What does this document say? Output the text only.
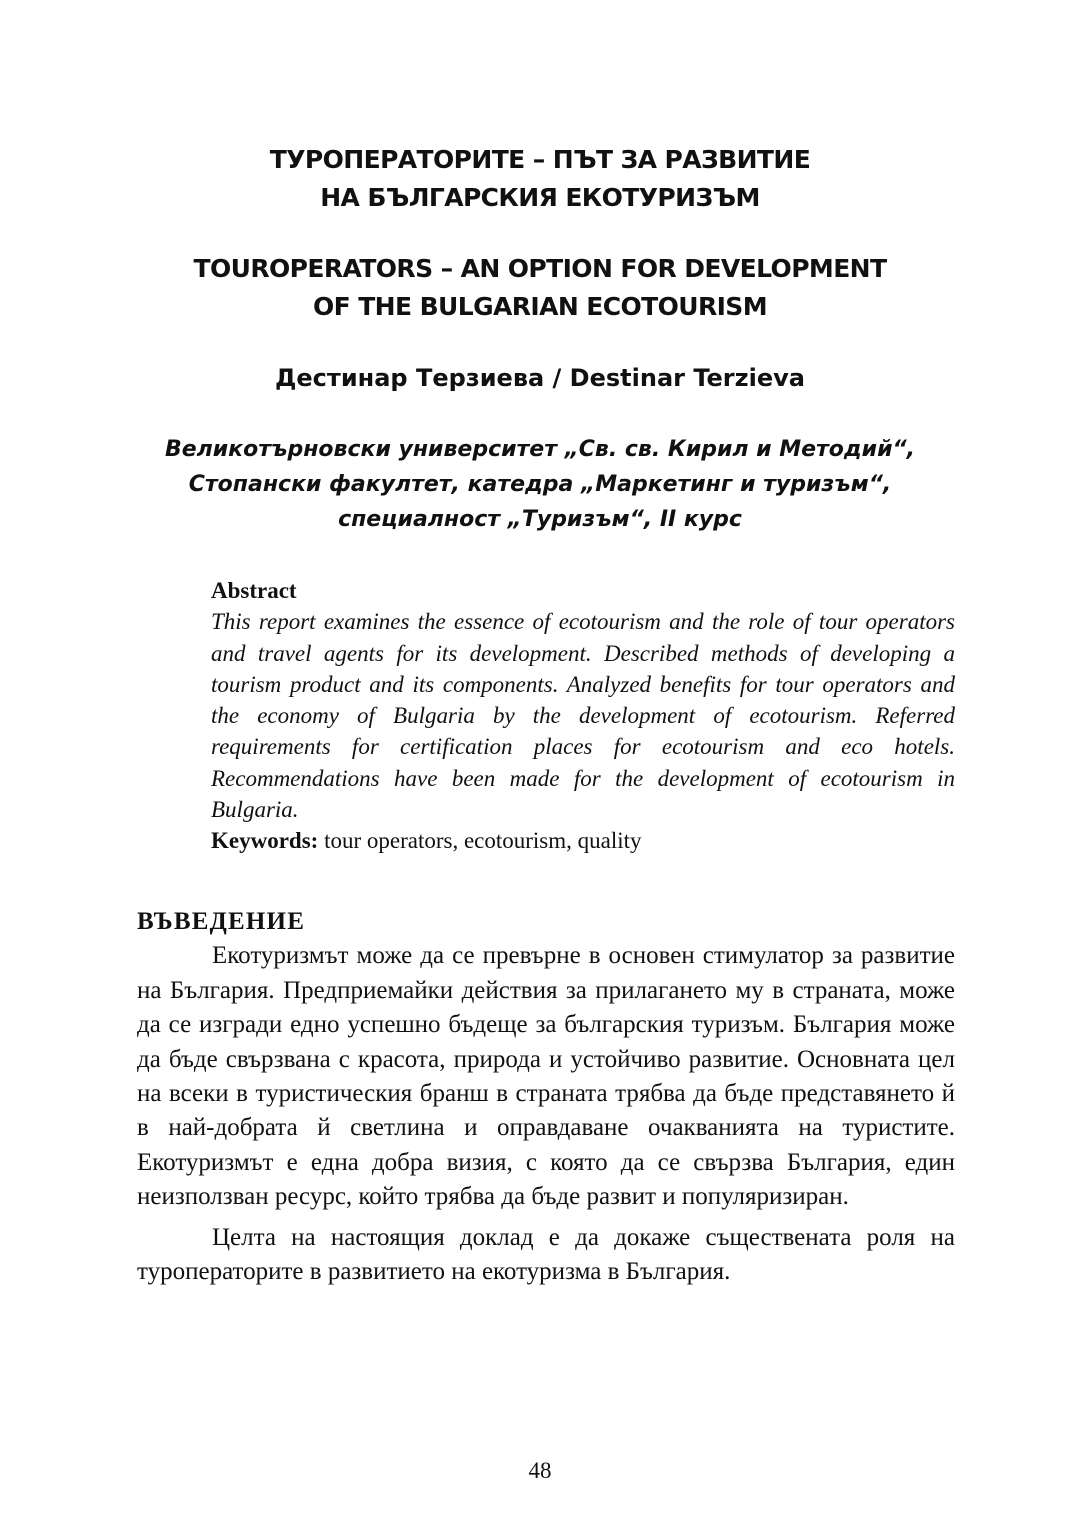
ТУРОПЕРАТОРИТЕ – ПЪТ ЗА РАЗВИТИЕ
НА БЪЛГАРСКИЯ ЕКОТУРИЗЪМ
TOUROPERATORS – AN OPTION FOR DEVELOPMENT
OF THE BULGARIAN ECOTOURISM
Дестинар Терзиева / Destinar Terzieva
Великотърновски университет „Св. св. Кирил и Методий“,
Стопански факултет, катедра „Маркетинг и туризъм“,
специалност „Туризъм“, II курс
Abstract
This report examines the essence of ecotourism and the role of tour operators and travel agents for its development. Described methods of developing a tourism product and its components. Analyzed benefits for tour operators and the economy of Bulgaria by the development of ecotourism. Referred requirements for certification places for ecotourism and eco hotels. Recommendations have been made for the development of ecotourism in Bulgaria.
Keywords: tour operators, ecotourism, quality
ВЪВЕДЕНИЕ

Екотуризмът може да се превърне в основен стимулатор за развитие на България. Предприемайки действия за прилагането му в страната, може да се изгради едно успешно бъдеще за българския туризъм. България може да бъде свързвана с красота, природа и устойчиво развитие. Основната цел на всеки в туристическия бранш в страната трябва да бъде представянето й в най-добрата й светлина и оправдаване очакванията на туристите. Екотуризмът е една добра визия, с която да се свързва България, един неизползван ресурс, който трябва да бъде развит и популяризиран.

Целта на настоящия доклад е да докаже съществената роля на туроператорите в развитието на екотуризма в България.

48
